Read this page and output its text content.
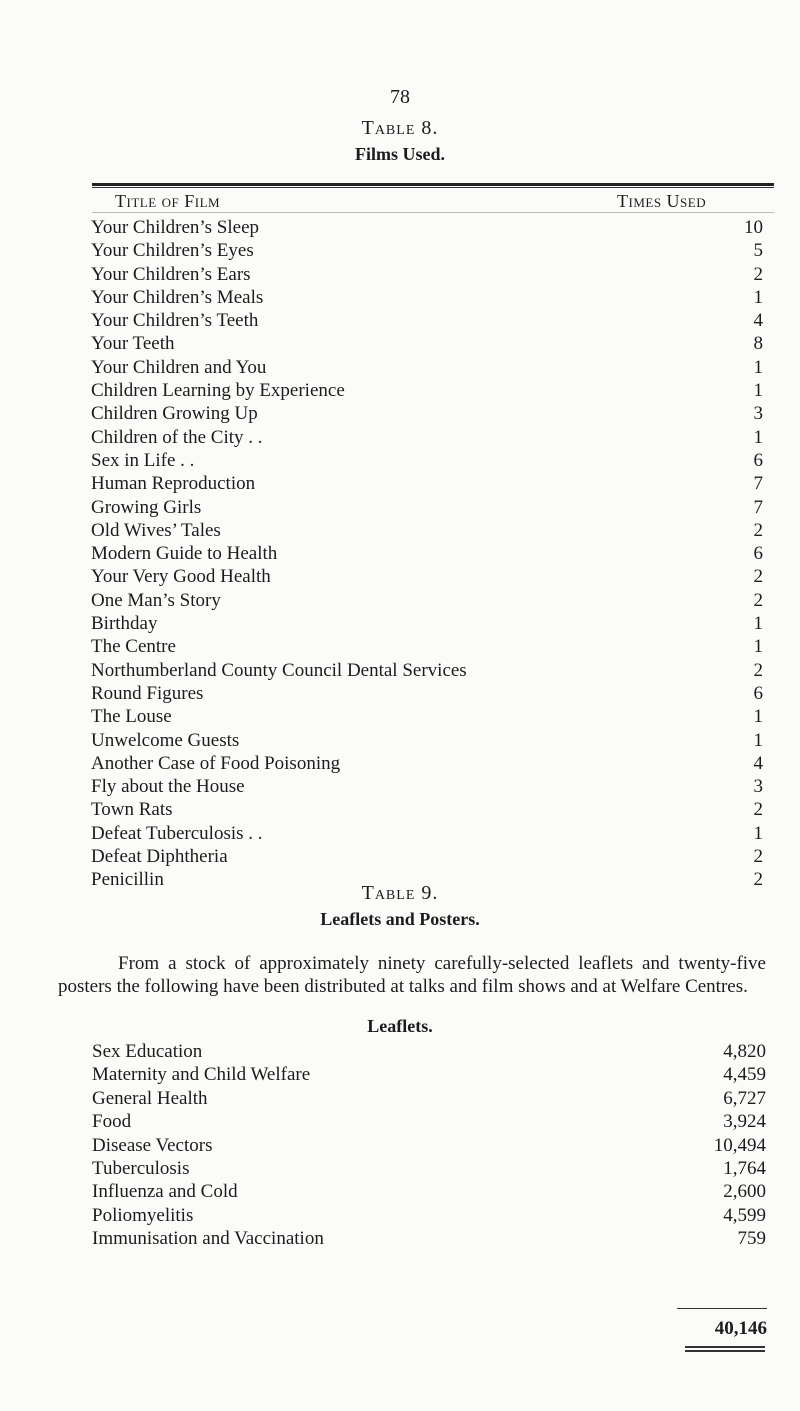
78
Table 8.
Films Used.
Title of Film	Times Used
Your Children’s Sleep	10
Your Children’s Eyes	5
Your Children’s Ears	2
Your Children’s Meals	1
Your Children’s Teeth	4
Your Teeth	8
Your Children and You	1
Children Learning by Experience	1
Children Growing Up	3
Children of the City . .	1
Sex in Life . .	6
Human Reproduction	7
Growing Girls	7
Old Wives’ Tales	2
Modern Guide to Health	6
Your Very Good Health	2
One Man’s Story	2
Birthday	1
The Centre	1
Northumberland County Council Dental Services	2
Round Figures	6
The Louse	1
Unwelcome Guests	1
Another Case of Food Poisoning	4
Fly about the House	3
Town Rats	2
Defeat Tuberculosis . .	1
Defeat Diphtheria	2
Penicillin	2
Table 9.
Leaflets and Posters.
From a stock of approximately ninety carefully-selected leaflets and twenty-five posters the following have been distributed at talks and film shows and at Welfare Centres.
Leaflets.
Sex Education	4,820
Maternity and Child Welfare	4,459
General Health	6,727
Food	3,924
Disease Vectors	10,494
Tuberculosis	1,764
Influenza and Cold	2,600
Poliomyelitis	4,599
Immunisation and Vaccination	759
40,146
